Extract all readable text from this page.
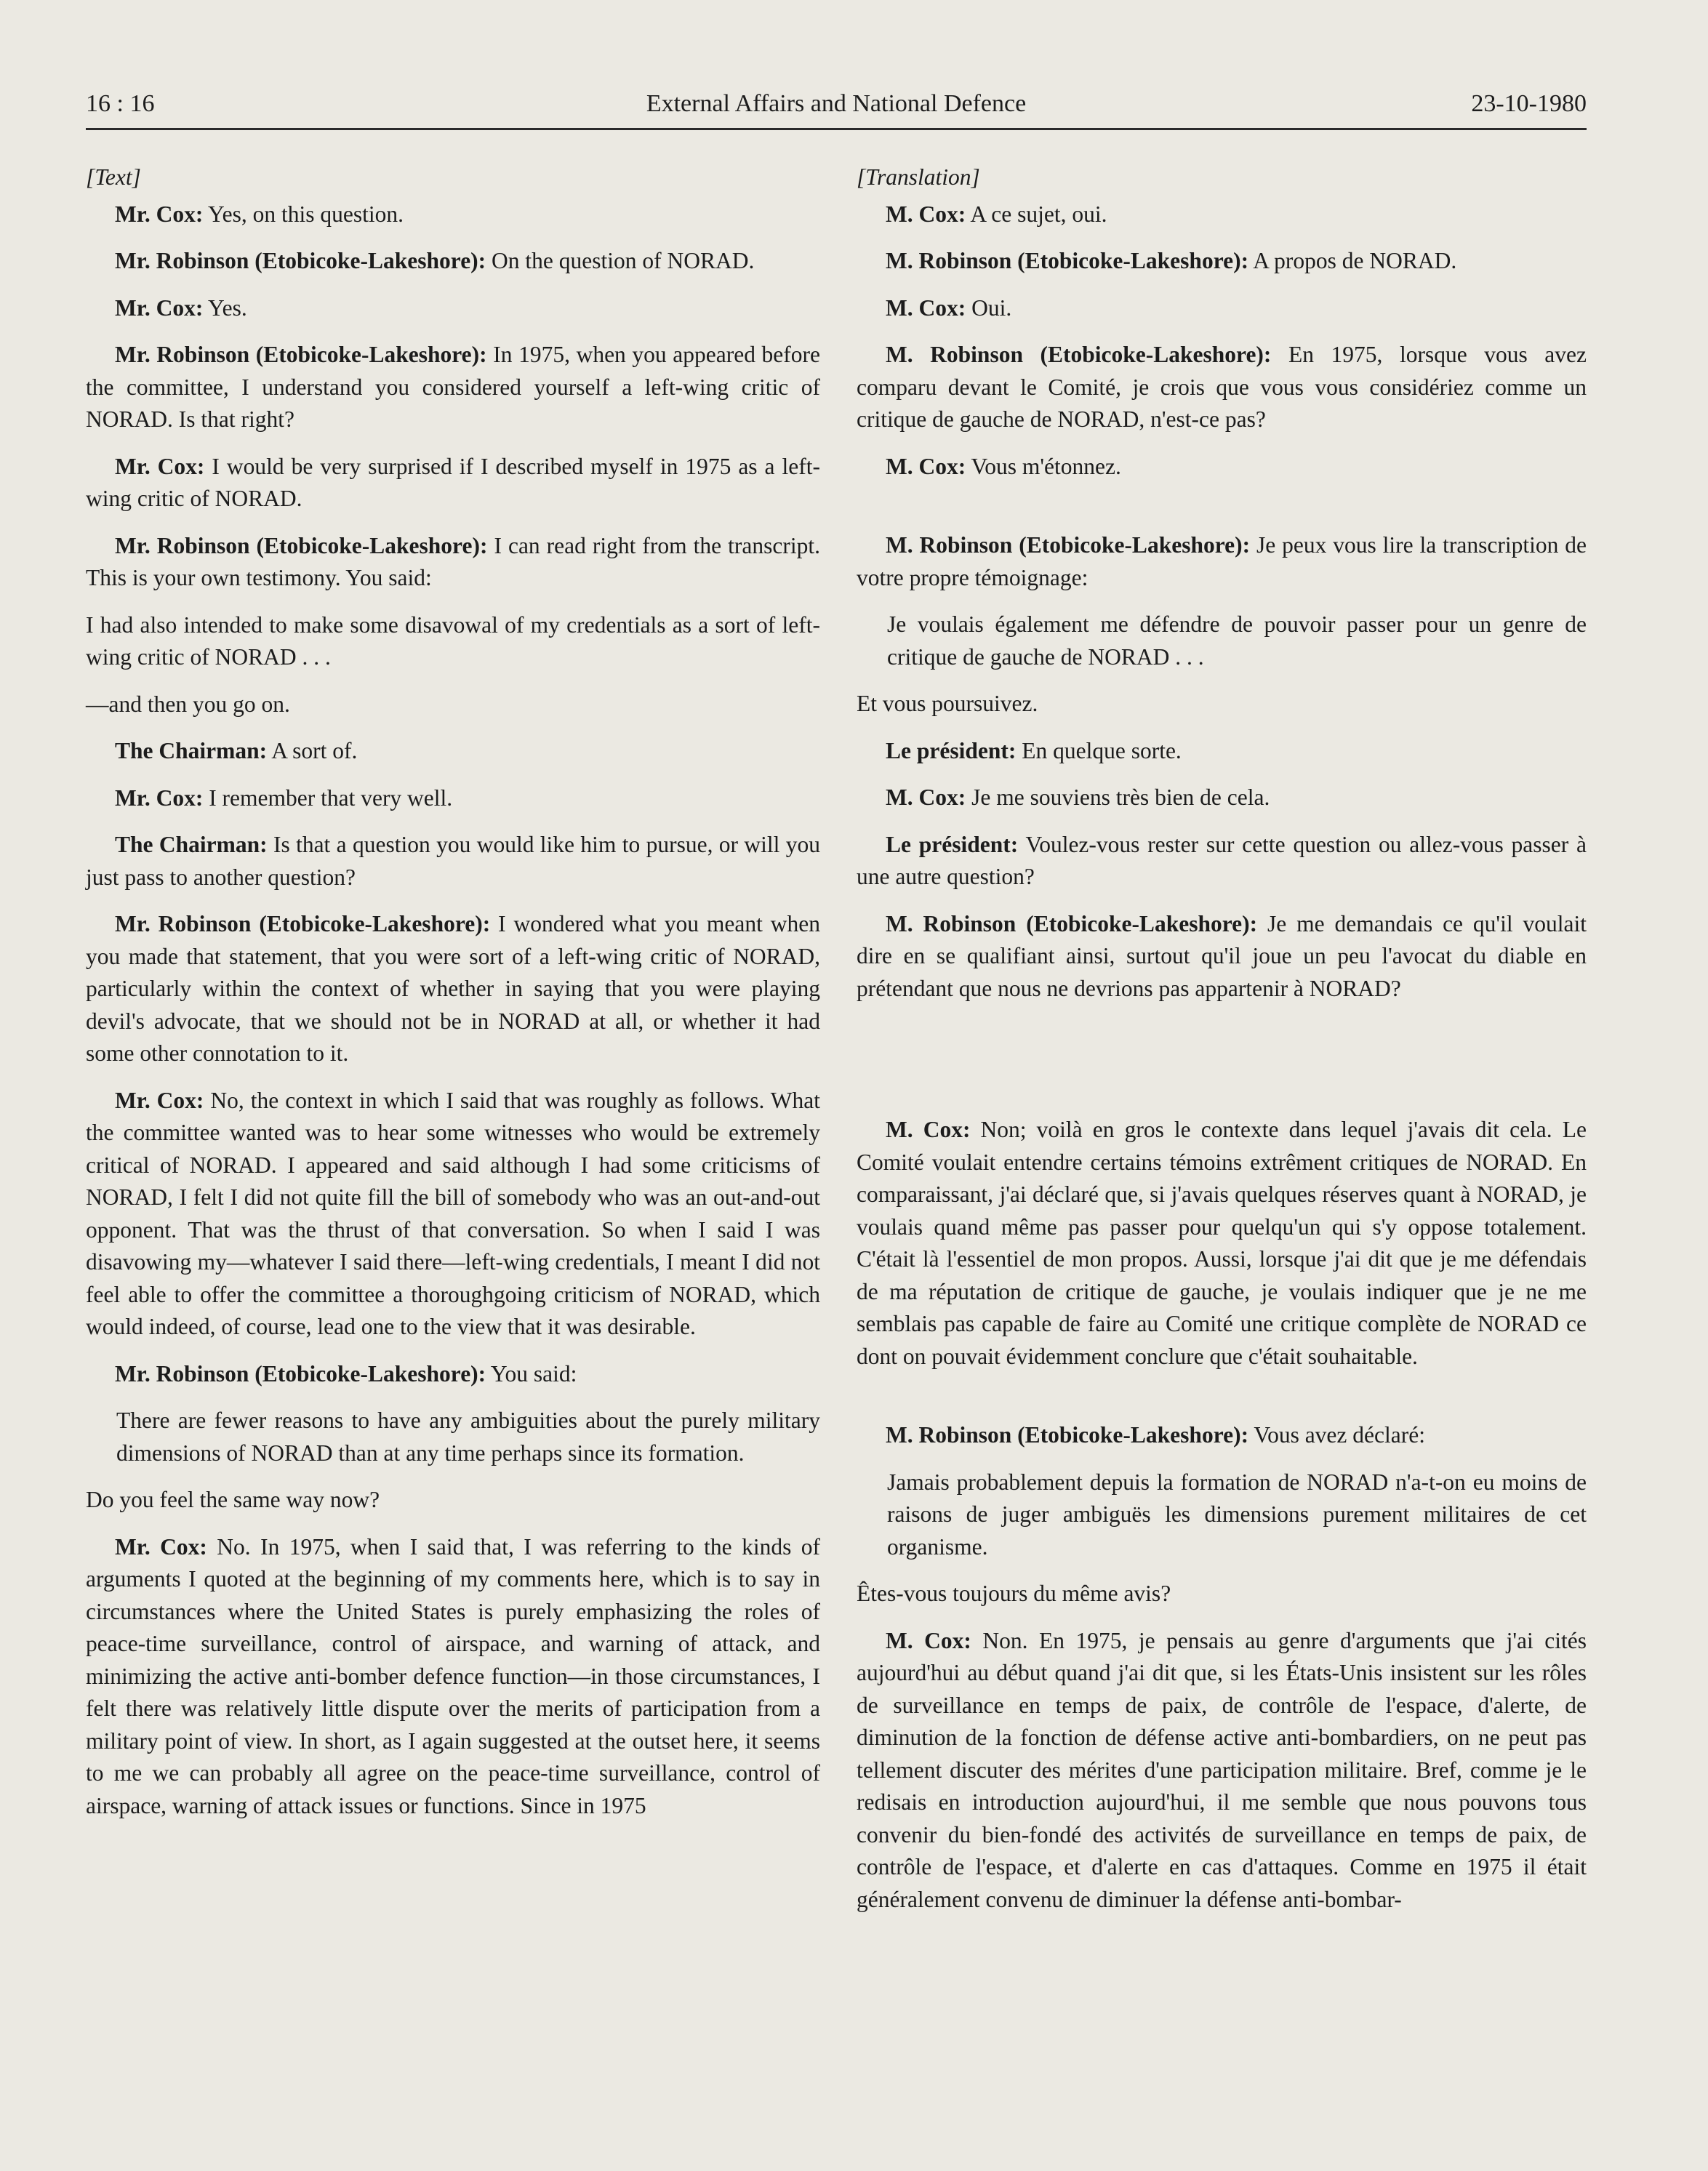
16 : 16	External Affairs and National Defence	23-10-1980

[Text]

Mr. Cox: Yes, on this question.

Mr. Robinson (Etobicoke-Lakeshore): On the question of NORAD.

Mr. Cox: Yes.

Mr. Robinson (Etobicoke-Lakeshore): In 1975, when you appeared before the committee, I understand you considered yourself a left-wing critic of NORAD. Is that right?

Mr. Cox: I would be very surprised if I described myself in 1975 as a left-wing critic of NORAD.

Mr. Robinson (Etobicoke-Lakeshore): I can read right from the transcript. This is your own testimony. You said:

I had also intended to make some disavowal of my credentials as a sort of left-wing critic of NORAD . . .

—and then you go on.

The Chairman: A sort of.

Mr. Cox: I remember that very well.

The Chairman: Is that a question you would like him to pursue, or will you just pass to another question?

Mr. Robinson (Etobicoke-Lakeshore): I wondered what you meant when you made that statement, that you were sort of a left-wing critic of NORAD, particularly within the context of whether in saying that you were playing devil's advocate, that we should not be in NORAD at all, or whether it had some other connotation to it.

Mr. Cox: No, the context in which I said that was roughly as follows. What the committee wanted was to hear some witnesses who would be extremely critical of NORAD. I appeared and said although I had some criticisms of NORAD, I felt I did not quite fill the bill of somebody who was an out-and-out opponent. That was the thrust of that conversation. So when I said I was disavowing my—whatever I said there—left-wing credentials, I meant I did not feel able to offer the committee a thoroughgoing criticism of NORAD, which would indeed, of course, lead one to the view that it was desirable.

Mr. Robinson (Etobicoke-Lakeshore): You said:

There are fewer reasons to have any ambiguities about the purely military dimensions of NORAD than at any time perhaps since its formation.

Do you feel the same way now?

Mr. Cox: No. In 1975, when I said that, I was referring to the kinds of arguments I quoted at the beginning of my comments here, which is to say in circumstances where the United States is purely emphasizing the roles of peace-time surveillance, control of airspace, and warning of attack, and minimizing the active anti-bomber defence function—in those circumstances, I felt there was relatively little dispute over the merits of participation from a military point of view. In short, as I again suggested at the outset here, it seems to me we can probably all agree on the peace-time surveillance, control of airspace, warning of attack issues or functions. Since in 1975

[Translation]

M. Cox: A ce sujet, oui.

M. Robinson (Etobicoke-Lakeshore): A propos de NORAD.

M. Cox: Oui.

M. Robinson (Etobicoke-Lakeshore): En 1975, lorsque vous avez comparu devant le Comité, je crois que vous vous considériez comme un critique de gauche de NORAD, n'est-ce pas?

M. Cox: Vous m'étonnez.

M. Robinson (Etobicoke-Lakeshore): Je peux vous lire la transcription de votre propre témoignage:

Je voulais également me défendre de pouvoir passer pour un genre de critique de gauche de NORAD . . .

Et vous poursuivez.

Le président: En quelque sorte.

M. Cox: Je me souviens très bien de cela.

Le président: Voulez-vous rester sur cette question ou allez-vous passer à une autre question?

M. Robinson (Etobicoke-Lakeshore): Je me demandais ce qu'il voulait dire en se qualifiant ainsi, surtout qu'il joue un peu l'avocat du diable en prétendant que nous ne devrions pas appartenir à NORAD?

M. Cox: Non; voilà en gros le contexte dans lequel j'avais dit cela. Le Comité voulait entendre certains témoins extrêment critiques de NORAD. En comparaissant, j'ai déclaré que, si j'avais quelques réserves quant à NORAD, je voulais quand même pas passer pour quelqu'un qui s'y oppose totalement. C'était là l'essentiel de mon propos. Aussi, lorsque j'ai dit que je me défendais de ma réputation de critique de gauche, je voulais indiquer que je ne me semblais pas capable de faire au Comité une critique complète de NORAD ce dont on pouvait évidemment conclure que c'était souhaitable.

M. Robinson (Etobicoke-Lakeshore): Vous avez déclaré:

Jamais probablement depuis la formation de NORAD n'a-t-on eu moins de raisons de juger ambiguës les dimensions purement militaires de cet organisme.

Êtes-vous toujours du même avis?

M. Cox: Non. En 1975, je pensais au genre d'arguments que j'ai cités aujourd'hui au début quand j'ai dit que, si les États-Unis insistent sur les rôles de surveillance en temps de paix, de contrôle de l'espace, d'alerte, de diminution de la fonction de défense active anti-bombardiers, on ne peut pas tellement discuter des mérites d'une participation militaire. Bref, comme je le redisais en introduction aujourd'hui, il me semble que nous pouvons tous convenir du bien-fondé des activités de surveillance en temps de paix, de contrôle de l'espace, et d'alerte en cas d'attaques. Comme en 1975 il était généralement convenu de diminuer la défense anti-bombar-
